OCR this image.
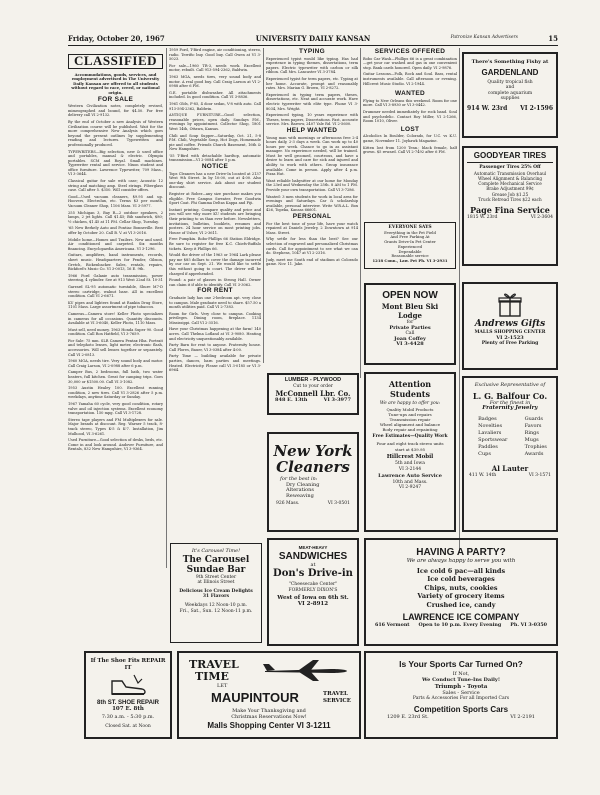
Friday, October 20, 1967	UNIVERSITY DAILY KANSAN	Patronize Kansan Advertisers	15
CLASSIFIED
Accommodations, goods, services, and employment advertised in The University Daily Kansan are offered to all students without regard to race, creed, or national origin.
FOR SALE
Western Civilization notes, completely revised, mimeographed and bound, for $4.50. For free delivery call VI 2-9132.
By the end of October a new Analysis of Western Civilization course will be published. Wait for the more comprehensive New Analysis which goes beyond the present outlines by supplementing reading and lectures. Typewritten and professionally produced.
TYPEWRITERS—Big selection, new & used office and portables, manual & electric. Olympia portables. SCM and Royal. Small machines. Typewriter rental and service. Nixon student and office furniture. Lawrence Typewriter, 709 Mass., VI 3-3644.
Classical guitar for sale with case; Acoustic 12 string and matching amp. Steel strings. Fiberglass case. Call after 5. $350. Will consider offers.
Good—Used vacuum cleaners, $9.95 and up. Hoovers, Electrolux, etc. Terms $3 per month. Vacuum Cleaner Shop, 1106 Mass. VI 3-5977.
255 Michigan 3, Bay R—2 outdoor speakers, 2 lamps, 2 jet lights. Call $1.45; Bib sandwich, $80; ½ chicken, $1.45 at 11 PM. Cellar Shop, Tuesday.
'65 New Berkely Auto and Pontiac Bonneville. Best offer by October 20. Call B. V. at VI 3-2016.
Mobile home—Homes and Trailers. New and used. Air conditioned and carpeted. Six months financing. Encyclopaedia Americana. VI 3-1296.
Guitars, amplifiers, band instruments, records, sheet music. Headquarters for Fender, Gibson, Gretch, Rickenbacker. Sales, rentals, repairs, Bickford's Music Co. VI 3-0013, 16 E. 9th.
1966 Ford Galaxie auto transmission, power steering, 4 cylinder. See at 913 West 22nd St. 10-31
Garrard SL-95 automatic turntable, Shure M7-D stereo cartridge, walnut base. All in excellent condition. Call VI 2-6671.
KU pipes and lighters found at Rankin Drug Store, 1101 Mass. Large assortment of pipe tobaccos.
Cameras—Camera store! Keller Photo specializes in cameras for all occasions. Quantity discounts. Available at VI 3-6040, Keller Photo, 1110 Mass.
Must sell, need money. 1963 Honda Super 90. Good condition. Call Ron Hatfield, VI 3-7659.
For Sale: 75 mm. SLR Camera Pentax Hba. Portrait and telephoto lenses, light meter, electronic flash, accessories. Will sell lenses together or separately. Call VI 2-0813.
1960 MGA, needs tire. Very sound body and motor. Call Craig Larson, VI 2-0988 after 6 p.m.
Camper Bus, 2 bedrooms, full bath, two water heaters, full kitchen. Great for camping trips. Goes 30,000 or $1500.00. Call VI 3-1082.
1953 Austin Healey 100. Excellent running condition, 2 new tires. Call VI 3-2826 after 5 p.m. weekdays, anytime Saturday or Sunday.
1967 Yamaha 60 cycle, very good condition, rotary valve and oil injection systems. Excellent economy transportation. 150 mpg. Call VI 3-1728.
Stereo tape players and FM Multiplexers for sale. Major brands at discount. Reg. Warner 5 track, 8-track stereo, Types K-5 & K-7. Installation, Jim Mulhood, VI 3-6261.
Used Furniture—Good selection of desks, beds, etc. Come in and look around. Andover Furniture, and Rentals, 832 New Hampshire, VI 3-9364.
1959 Ford, T-Bird engine, air conditioning, stereo, radio. Terrific buy. Good buy. Call Owen at VI 3-5023.
For sale—1960 TR-3, needs work. Excellent motor, rebuilt. Call 913-594-2362, Baldwin.
1963 MGA, needs tires, very sound body and motor. A real good buy. Call Craig Larson at VI 2-0988 after 6 PM.
G.E. portable dishwasher. All attachments included. In good condition. Call VI 3-8836.
1961 Olds, F-85, 4 door sedan, V-8 with auto. Call 913-594-2362, Baldwin.
ANTIQUE FURNITURE—Good selection, reasonable prices, open daily. Sundays P.M., evenings by appointment. Collector Shop, 1801 West 14th, Ottawa, Kansas.
Chili and Soup Supper—Saturday, Oct. 21, 5-8 P.M. Chili, Vegetable Soup, Hot Dogs, Homemade pie and coffee. Friends Church Basement, 16th & New Hampshire.
'55 T-Bird with detachable hardtop, automatic transmission—VI 2-0084 after 5 p.m.
NOTICE
Tops Cleaners has a new Drive-In located at 2137 West 9th Street. In by 10:00, out at 4:00. Also one-day shirt service. Ask about our student discount.
Register at Rober—any size purchase makes you eligible. Free Campus Sweater, Free Goodwin Sport Coat. Phi Gamma Deltas Kappa and Fiji.
Instant printing. Compare quality and price and you will see why more KU students are bringing their printing to us than ever before. Newsletters, invitations, bulletins, booklets, resumes and posters. 24 hour service on most printing jobs. House of Usher, VI 2-3611.
Free Pumpkin. Bobo-Phillips 66 Station Eldridge. Be sure to register for free K.C. Chiefs-Buffalo tickets. Keep it Phillips 66.
Would the driver of the 1963 or 1964 Lark please pay me $85 dollars to cover the damage incurred by our car on Sept. 21. We would like to settle this without going to court. The driver will be charged if apprehended.
Found: a pair of glasses in Strong Hall. Owner can claim it if able to identify. Call VI 3-3062.
FOR RENT
Graduate lady has one 2-bedroom apt. very close to campus. Male graduate need to share. $57.50 a month utilities paid. Call VI 2-7383.
Room for Girls. Very close to campus. Cooking privileges. Dining room, fireplace. 1134 Mississippi. Call VI 2-3516.
Have your Christmas happening at the farm! 140 acres. Call Thelma Lofland at VI 3-9080. Heating and electricity unquestionably available.
Party Barn for rent to anyone. Fraternity house. Call Flores, Bauer, VI 3-0384 after 4:00.
Party Time — building available for private parties, dances, barn parties and meetings. Heated. Electricity. Please call VI 3-0185 or VI 3-6964.
It's Carousel Time!
The Carousel
Sundae Bar
9th Street Center
at Illinois Street
Delicious Ice Cream Delights
31 Flavors
Weekdays 12 Noon-10 p.m.
Fri., Sat., Sun. 12 Noon-11 p.m.
TYPING
Experienced typist would like typing. Has had experience in typing themes, dissertations, term papers. Electric typewriter with carbon or silk ribbon. Call Mrs. Lancaster VI 3-3784.
Experienced typist for term papers, etc. Typing at her home. Accurate, prompt and reasonably rates. Mrs. Marian G. Brown, VI 2-8272.
Experienced in typing term papers, theses, dissertations, etc. Neat and accurate work. Have electric typewriter with elite type. Phone VI 3-8034, Mrs. Wright.
Experienced typing, 10 years experience with Theses, term papers, Dissertations. Fast, accurate service. Mrs. Barrow, 2407 Yale Rd. VI 2-5600.
HELP WANTED
Young man with mornings or afternoons free 2-4 hours daily, 2-3 days a week. Can work up to 40 hours per week. Chance to go in as assistant manager. No experience needed, will be trained. Must be well groomed, courteous, and have a desire to learn and care for sick and injured and ability to work with others. Group insurance available. Come in person. Apply after 4 p.m. Pizza Hut.
Want reliable babysitter at our home for Monday the 23rd and Wednesday the 25th. 8 AM to 1 PM. Provide your own transportation. Call VI 3-7286.
Wanted: 3 men students for work in local area for evenings and Saturdays. Car & scholarship available, personal interview. Write W.R.A.L. Box 426, Topeka, Kansas 66601.
PERSONAL
For the best tone of your life, have your watch repaired at Daniels Jewelry, 2 Downtown at 914 Mass. Street.
Why settle for less than the best? See our selection of engraved and personalized Christmas cards. Call for appointment to see what we can do. Stephens, 1047 at VI 2-2316.
Judy, meet me South end of stadium at Colorado game. Nov. 11. Jake.
LUMBER - PLYWOOD
Cut to your order
McConnell Lbr. Co.
848 E. 13th	VI 3-3977
New York
Cleaners
for the best in:
Dry Cleaning
Alterations
Reweaving
926 Mass.	VI 3-0501
SERVICES OFFERED
Bobo Car Wash—Phillips 66 is a great combination—get your car washed and gas in one convenient stop. Bank cards honored. Open daily. VI 2-9876.
Guitar Lessons—Folk, Rock and Soul. Bass, rental instruments available. Call afternoon or evening. Hillcrest Music Studio. VI 2-1944.
WANTED
Flying to New Orleans this weekend. Room for one more. Call VI 3-8930 or VI 3-0442.
Drummer needed immediately for rock band. Soul and psychedelic. Contact Roy Miller, VI 2-1266, Room 1010, Oliver.
LOST
Alcoholics In Boulder, Colorado, for U.C. vs K.U. game, November 11. Joyhawk Magazine.
Kitten lost from 1200 Tenn.; black female, half grown. $5 reward. Call VI 2-7492 after 6 PM.
EVERYONE SAYS
Everything in the Pet Field
And Free Parking At
Grants Drive-In Pet Center
Experienced
Dependable
Reasonable service
1218 Conn., Law. Pet Ph. VI 3-2931
OPEN NOW
Mont Bleu Ski
Lodge
for
Private Parties
Call
Joan Coffey
VI 3-4428
Attention Students
We are happy to offer you:
Quality Mobil Products
Tune-ups and repairs
Transmission repair
Wheel alignment and balance
Body repair and repainting
Free Estimates—Quality Work
Four and eight track stereo units
start at $39.95
Hillcrest Mobil
5th and Iowa
VI 3-2144
Lawrence Auto Service
10th and Mass.
VI 2-9247
There's Something Fishy at
GARDENLAND
Quality tropical fish
and
complete aquarium
supplies
914 W. 23rd VI 2-1596
GOODYEAR TIRES
Passenger Tires 25% Off
Automatic Transmission Overhaul
Wheel Alignment & Balancing
Complete Mechanical Service
Brake Adjustment 99¢
Grease Job $1.25
Truck Retread Tires $22 each
Page Fina Service
1815 W. 23rd	VI 2-3604
Andrews Gifts
MALLS SHOPPING CENTER
VI 2-1523
Plenty of Free Parking
Exclusive Representative of
L. G. Balfour Co.
For the finest in
Fraternity Jewelry
Badges
Novelties
Lavaliers
Sportswear
Paddles
Cups
Guards
Favors
Rings
Mugs
Trophies
Awards
Al Lauter
411 W. 14th	VI 3-1571
MEAT-HEAVY
SANDWICHES
at
Don's Drive-in
"Cheesecake Center"
FORMERLY DIXON'S
West of Iowa on 6th St.
VI 2-8912
HAVING A PARTY?
We are always happy to serve you with
Ice cold 6 pac—all kinds
Ice cold beverages
Chips, nuts, cookies
Variety of grocery items
Crushed ice, candy
LAWRENCE ICE COMPANY
616 Vermont Open to 10 p.m. Every Evening Ph. VI 3-0350
If The Shoe Fits REPAIR IT
8th ST. SHOE REPAIR
107 E. 8th
7:30 a.m. - 5:30 p.m.
Closed Sat. at Noon
TRAVEL
TIME
LET
MAUPINTOUR	TRAVEL
SERVICE
Make Your Thanksgiving and
Christmas Reservations Now!
Malls Shopping Center VI 3-1211
Is Your Sports Car Turned On?
If Not,
We Conduct Tune-Ins Daily!
Triumph - Toyota
Sales - Service
Parts & Accessories For all Imported Cars
Competition Sports Cars
1209 E. 23rd St.	VI 2-2191
